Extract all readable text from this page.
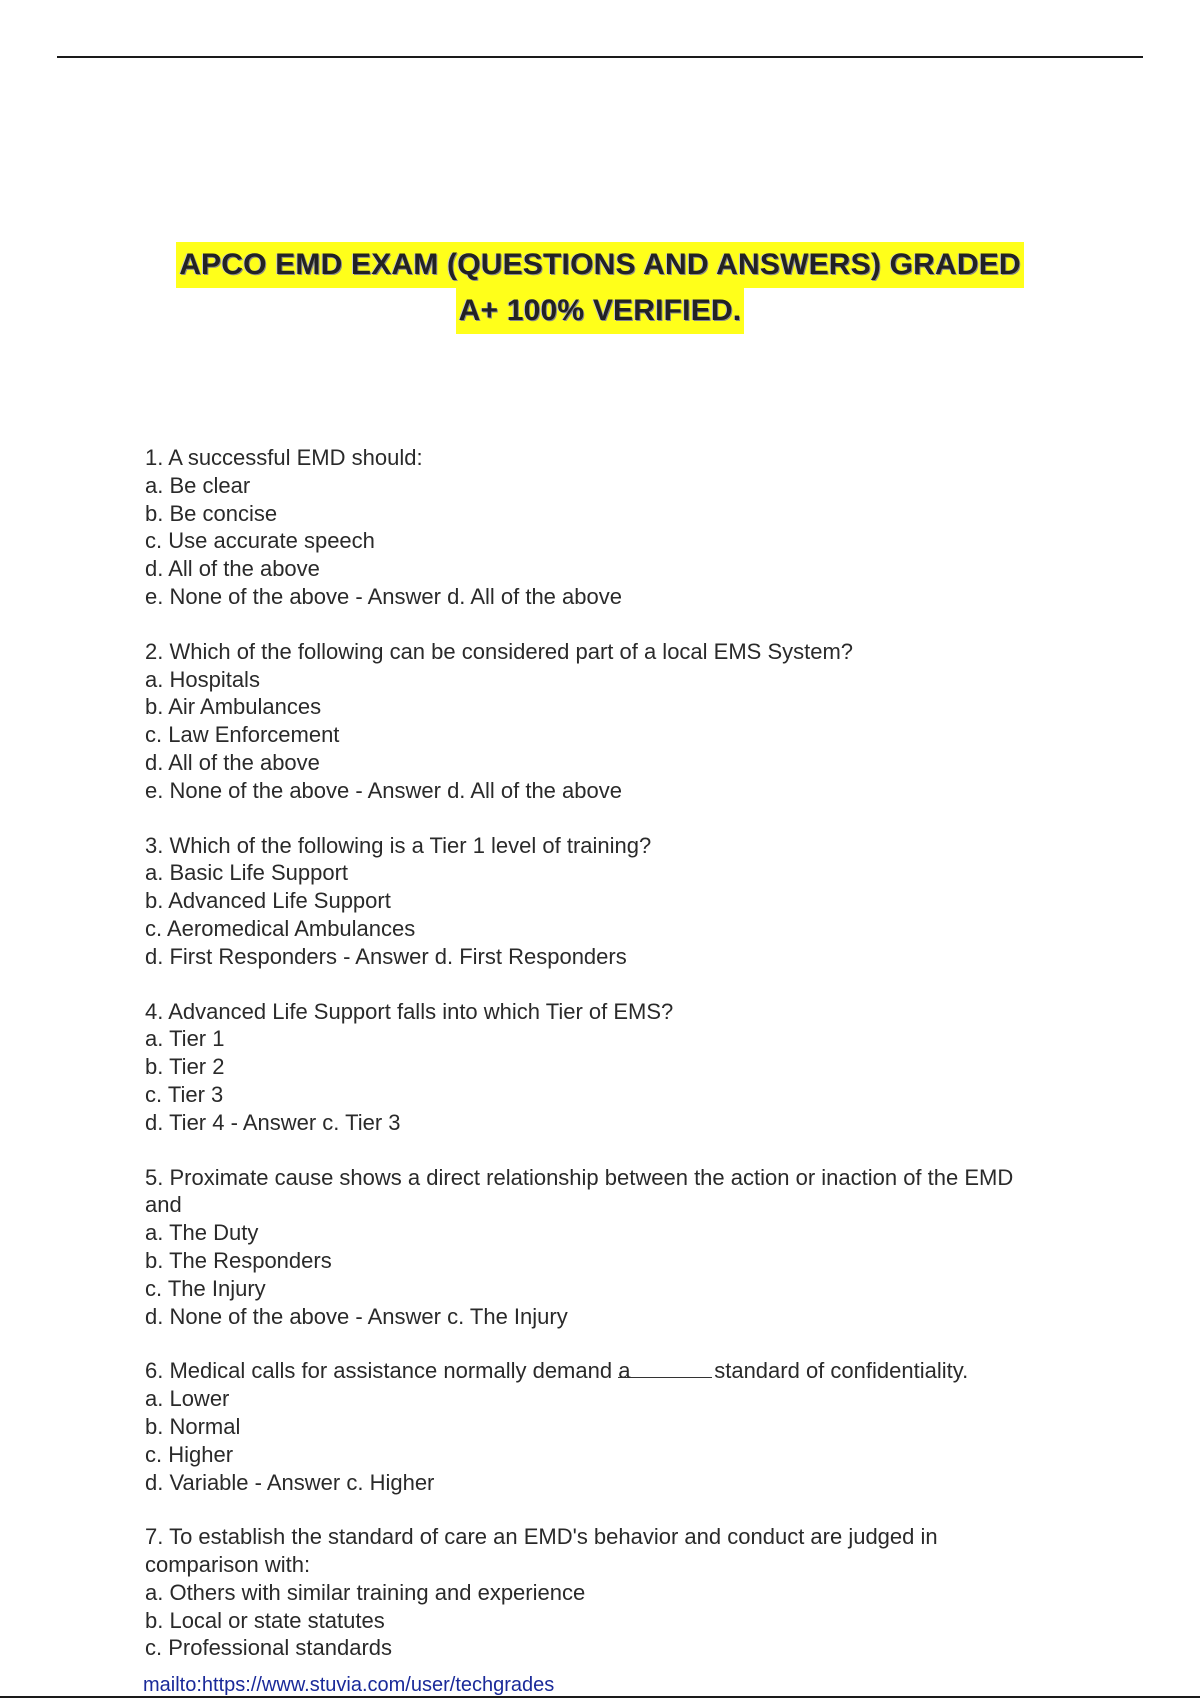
APCO EMD EXAM (QUESTIONS AND ANSWERS) GRADED
A+ 100% VERIFIED.
1. A successful EMD should:
a. Be clear
b. Be concise
c. Use accurate speech
d. All of the above
e. None of the above - Answer d. All of the above
2. Which of the following can be considered part of a local EMS System?
a. Hospitals
b. Air Ambulances
c. Law Enforcement
d. All of the above
e. None of the above - Answer d. All of the above
3. Which of the following is a Tier 1 level of training?
a. Basic Life Support
b. Advanced Life Support
c. Aeromedical Ambulances
d. First Responders - Answer d. First Responders
4. Advanced Life Support falls into which Tier of EMS?
a. Tier 1
b. Tier 2
c. Tier 3
d. Tier 4 - Answer c. Tier 3
5. Proximate cause shows a direct relationship between the action or inaction of the EMD and
a. The Duty
b. The Responders
c. The Injury
d. None of the above - Answer c. The Injury
6. Medical calls for assistance normally demand a	standard of confidentiality.
a. Lower
b. Normal
c. Higher
d. Variable - Answer c. Higher
7. To establish the standard of care an EMD's behavior and conduct are judged in comparison with:
a. Others with similar training and experience
b. Local or state statutes
c. Professional standards
mailto:https://www.stuvia.com/user/techgrades
